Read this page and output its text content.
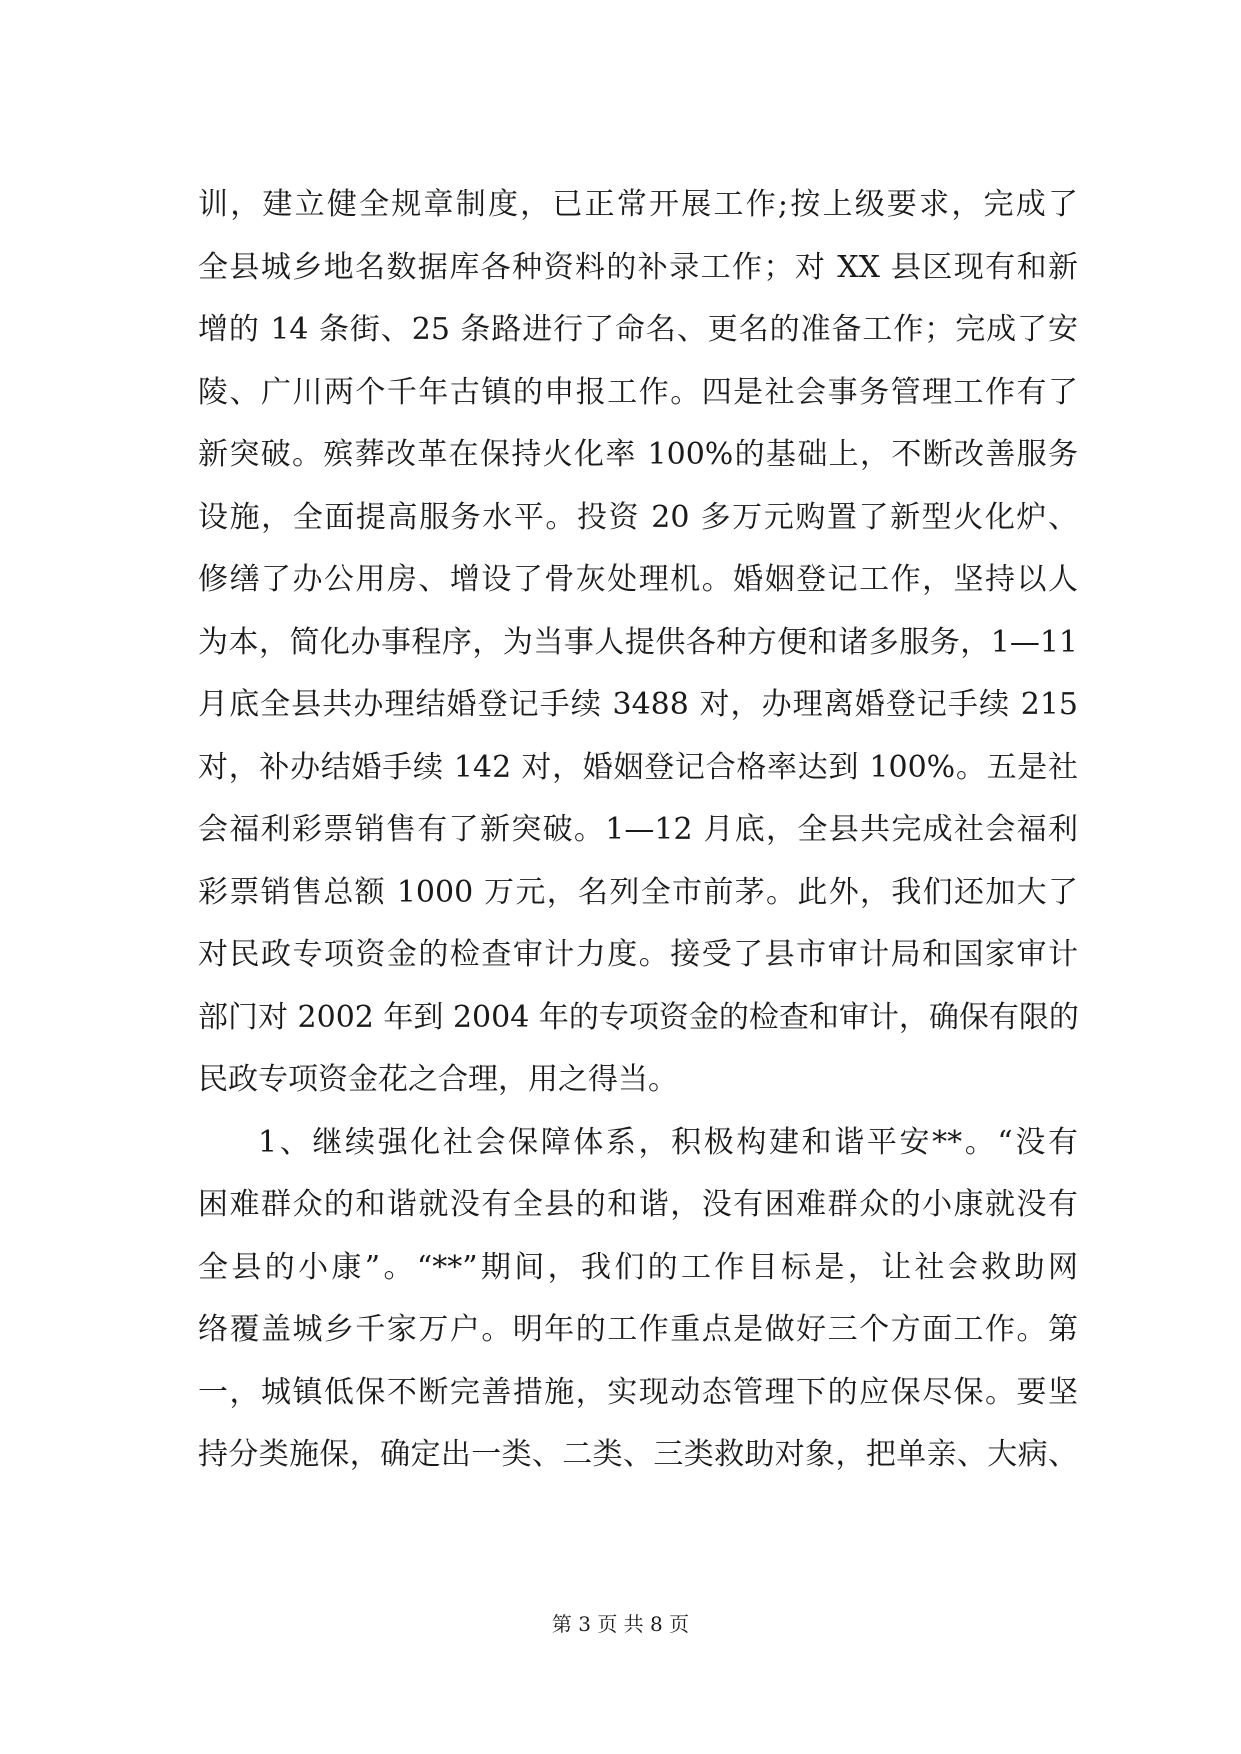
训，建立健全规章制度，已正常开展工作;按上级要求，完成了
全县城乡地名数据库各种资料的补录工作；对 XX 县区现有和新
增的 14 条街、25 条路进行了命名、更名的准备工作；完成了安
陵、广川两个千年古镇的申报工作。四是社会事务管理工作有了
新突破。殡葬改革在保持火化率 100%的基础上，不断改善服务
设施，全面提高服务水平。投资 20 多万元购置了新型火化炉、
修缮了办公用房、增设了骨灰处理机。婚姻登记工作，坚持以人
为本，简化办事程序，为当事人提供各种方便和诸多服务，1—11
月底全县共办理结婚登记手续 3488 对，办理离婚登记手续 215
对，补办结婚手续 142 对，婚姻登记合格率达到 100%。五是社
会福利彩票销售有了新突破。1—12 月底，全县共完成社会福利
彩票销售总额 1000 万元，名列全市前茅。此外，我们还加大了
对民政专项资金的检查审计力度。接受了县市审计局和国家审计
部门对 2002 年到 2004 年的专项资金的检查和审计，确保有限的
民政专项资金花之合理，用之得当。
1、继续强化社会保障体系，积极构建和谐平安**。“没有
困难群众的和谐就没有全县的和谐，没有困难群众的小康就没有
全县的小康”。“**”期间，我们的工作目标是，让社会救助网
络覆盖城乡千家万户。明年的工作重点是做好三个方面工作。第
一，城镇低保不断完善措施，实现动态管理下的应保尽保。要坚
持分类施保，确定出一类、二类、三类救助对象，把单亲、大病、
第 3 页 共 8 页
